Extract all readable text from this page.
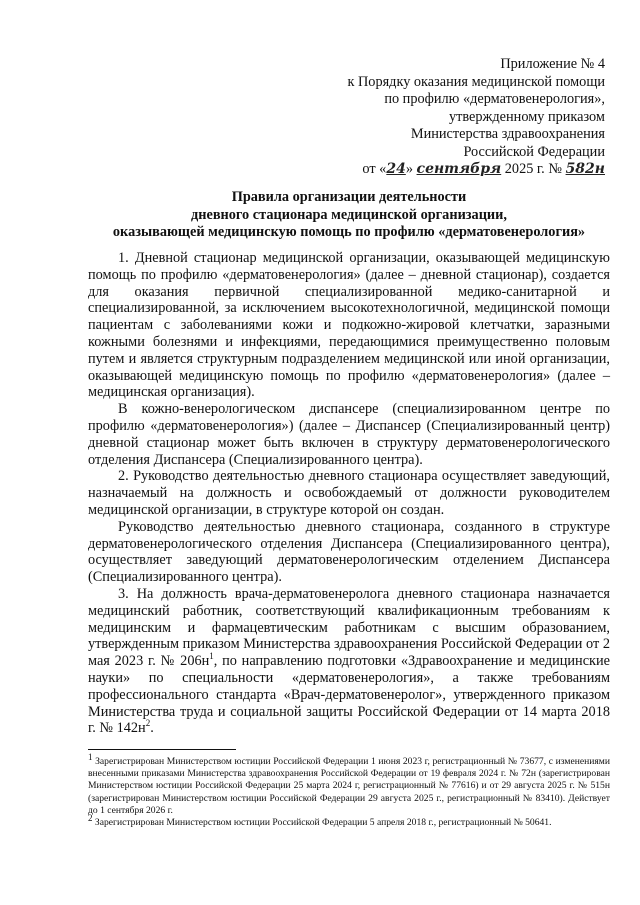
Приложение № 4
к Порядку оказания медицинской помощи
по профилю «дерматовенерология»,
утвержденному приказом
Министерства здравоохранения
Российской Федерации
от «24» сентября 2025 г. № 582н
Правила организации деятельности
дневного стационара медицинской организации,
оказывающей медицинскую помощь по профилю «дерматовенерология»

1. Дневной стационар медицинской организации, оказывающей медицинскую помощь по профилю «дерматовенерология» (далее – дневной стационар), создается для оказания первичной специализированной медико-санитарной и специализированной, за исключением высокотехнологичной, медицинской помощи пациентам с заболеваниями кожи и подкожно-жировой клетчатки, заразными кожными болезнями и инфекциями, передающимися преимущественно половым путем и является структурным подразделением медицинской или иной организации, оказывающей медицинскую помощь по профилю «дерматовенерология» (далее – медицинская организация).

В кожно-венерологическом диспансере (специализированном центре по профилю «дерматовенерология») (далее – Диспансер (Специализированный центр) дневной стационар может быть включен в структуру дерматовенерологического отделения Диспансера (Специализированного центра).

2. Руководство деятельностью дневного стационара осуществляет заведующий, назначаемый на должность и освобождаемый от должности руководителем медицинской организации, в структуре которой он создан.

Руководство деятельностью дневного стационара, созданного в структуре дерматовенерологического отделения Диспансера (Специализированного центра), осуществляет заведующий дерматовенерологическим отделением Диспансера (Специализированного центра).

3. На должность врача-дерматовенеролога дневного стационара назначается медицинский работник, соответствующий квалификационным требованиям к медицинским и фармацевтическим работникам с высшим образованием, утвержденным приказом Министерства здравоохранения Российской Федерации от 2 мая 2023 г. № $206н^1$, по направлению подготовки «Здравоохранение и медицинские науки» по специальности «дерматовенерология», а также требованиям профессионального стандарта «Врач-дерматовенеролог», утвержденного приказом Министерства труда и социальной защиты Российской Федерации от 14 марта 2018 г. № $142н^2$.

$^1$ Зарегистрирован Министерством юстиции Российской Федерации 1 июня 2023 г, регистрационный № 73677, с изменениями внесенными приказами Министерства здравоохранения Российской Федерации от 19 февраля 2024 г. № 72н (зарегистрирован Министерством юстиции Российской Федерации 25 марта 2024 г, регистрационный № 77616) и от 29 августа 2025 г. № 515н (зарегистрирован Министерством юстиции Российской Федерации 29 августа 2025 г., регистрационный № 83410). Действует до 1 сентября 2026 г.

$^2$ Зарегистрирован Министерством юстиции Российской Федерации 5 апреля 2018 г., регистрационный № 50641.
